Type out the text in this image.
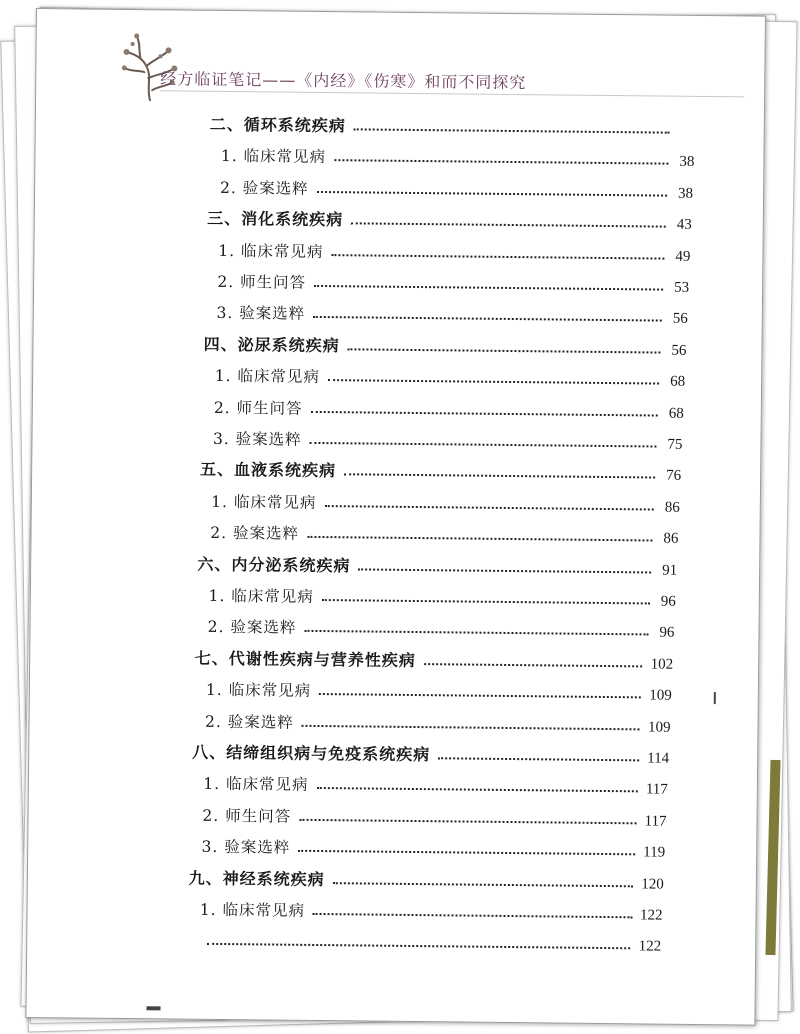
经方临证笔记——《内经》《伤寒》和而不同探究
二、循环系统疾病
1. 临床常见病	38
2. 验案选粹	38
三、消化系统疾病	43
1. 临床常见病	49
2. 师生问答	53
3. 验案选粹	56
四、泌尿系统疾病	56
1. 临床常见病	68
2. 师生问答	68
3. 验案选粹	75
五、血液系统疾病	76
1. 临床常见病	86
2. 验案选粹	86
六、内分泌系统疾病	91
1. 临床常见病	96
2. 验案选粹	96
七、代谢性疾病与营养性疾病	102
1. 临床常见病	109
2. 验案选粹	109
八、结缔组织病与免疫系统疾病	114
1. 临床常见病	117
2. 师生问答	117
3. 验案选粹	119
九、神经系统疾病	120
1. 临床常见病	122
122
